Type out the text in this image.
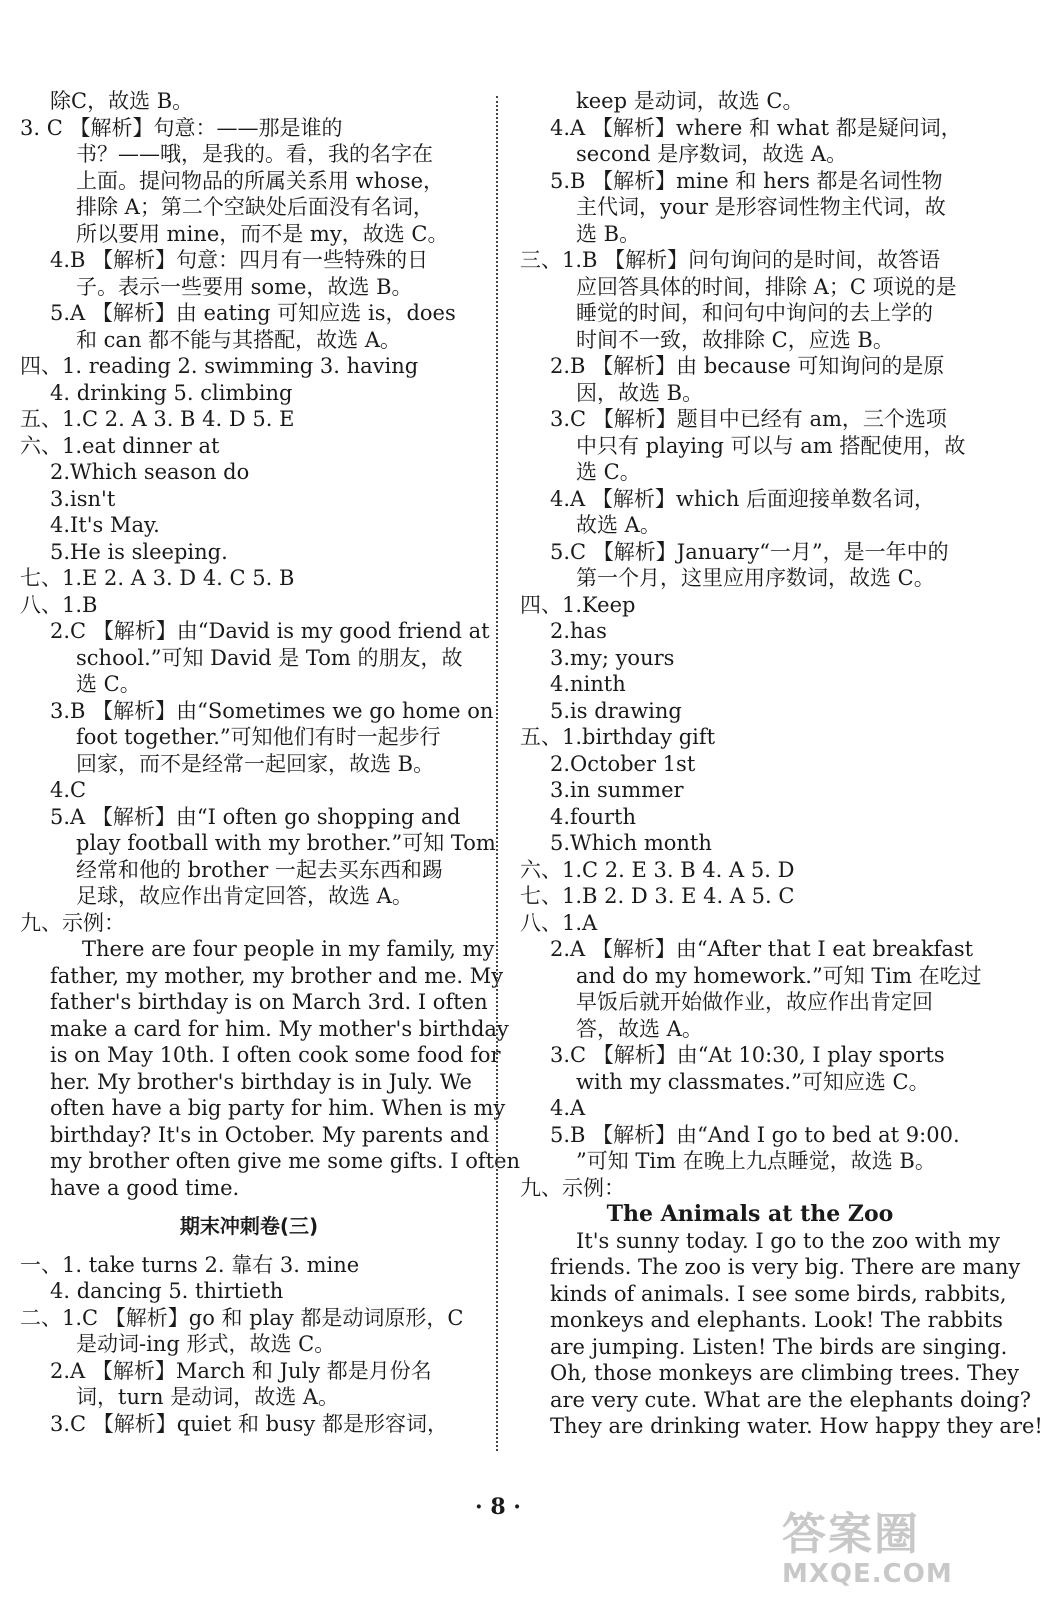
除C，故选 B。
3. C 【解析】句意：——那是谁的
书？——哦，是我的。看，我的名字在
上面。提问物品的所属关系用 whose，
排除 A；第二个空缺处后面没有名词，
所以要用 mine，而不是 my，故选 C。
4.B 【解析】句意：四月有一些特殊的日
子。表示一些要用 some，故选 B。
5.A 【解析】由 eating 可知应选 is，does
和 can 都不能与其搭配，故选 A。
四、1. reading 2. swimming 3. having
4. drinking 5. climbing
五、1.C 2. A 3. B 4. D 5. E
六、1.eat dinner at
2.Which season do
3.isn't
4.It's May.
5.He is sleeping.
七、1.E 2. A 3. D 4. C 5. B
八、1.B
2.C 【解析】由“David is my good friend at
school.”可知 David 是 Tom 的朋友，故
选 C。
3.B 【解析】由“Sometimes we go home on
foot together.”可知他们有时一起步行
回家，而不是经常一起回家，故选 B。
4.C
5.A 【解析】由“I often go shopping and
play football with my brother.”可知 Tom
经常和他的 brother 一起去买东西和踢
足球，故应作出肯定回答，故选 A。
九、示例：
There are four people in my family, my
father, my mother, my brother and me. My
father's birthday is on March 3rd. I often
make a card for him. My mother's birthday
is on May 10th. I often cook some food for
her. My brother's birthday is in July. We
often have a big party for him. When is my
birthday? It's in October. My parents and
my brother often give me some gifts. I often
have a good time.
期末冲刺卷(三)
一、1. take turns 2. 靠右 3. mine
4. dancing 5. thirtieth
二、1.C 【解析】go 和 play 都是动词原形，C
是动词-ing 形式，故选 C。
2.A 【解析】March 和 July 都是月份名
词，turn 是动词，故选 A。
3.C 【解析】quiet 和 busy 都是形容词，
keep 是动词，故选 C。
4.A 【解析】where 和 what 都是疑问词，
second 是序数词，故选 A。
5.B 【解析】mine 和 hers 都是名词性物
主代词，your 是形容词性物主代词，故
选 B。
三、1.B 【解析】问句询问的是时间，故答语
应回答具体的时间，排除 A；C 项说的是
睡觉的时间，和问句中询问的去上学的
时间不一致，故排除 C，应选 B。
2.B 【解析】由 because 可知询问的是原
因，故选 B。
3.C 【解析】题目中已经有 am，三个选项
中只有 playing 可以与 am 搭配使用，故
选 C。
4.A 【解析】which 后面迎接单数名词，
故选 A。
5.C 【解析】January“一月”，是一年中的
第一个月，这里应用序数词，故选 C。
四、1.Keep
2.has
3.my; yours
4.ninth
5.is drawing
五、1.birthday gift
2.October 1st
3.in summer
4.fourth
5.Which month
六、1.C 2. E 3. B 4. A 5. D
七、1.B 2. D 3. E 4. A 5. C
八、1.A
2.A 【解析】由“After that I eat breakfast
and do my homework.”可知 Tim 在吃过
早饭后就开始做作业，故应作出肯定回
答，故选 A。
3.C 【解析】由“At 10:30, I play sports
with my classmates.”可知应选 C。
4.A
5.B 【解析】由“And I go to bed at 9:00.
”可知 Tim 在晚上九点睡觉，故选 B。
九、示例：
The Animals at the Zoo
It's sunny today. I go to the zoo with my
friends. The zoo is very big. There are many
kinds of animals. I see some birds, rabbits,
monkeys and elephants. Look! The rabbits
are jumping. Listen! The birds are singing.
Oh, those monkeys are climbing trees. They
are very cute. What are the elephants doing?
They are drinking water. How happy they are!
· 8 ·
答案圈
MXQE.COM
